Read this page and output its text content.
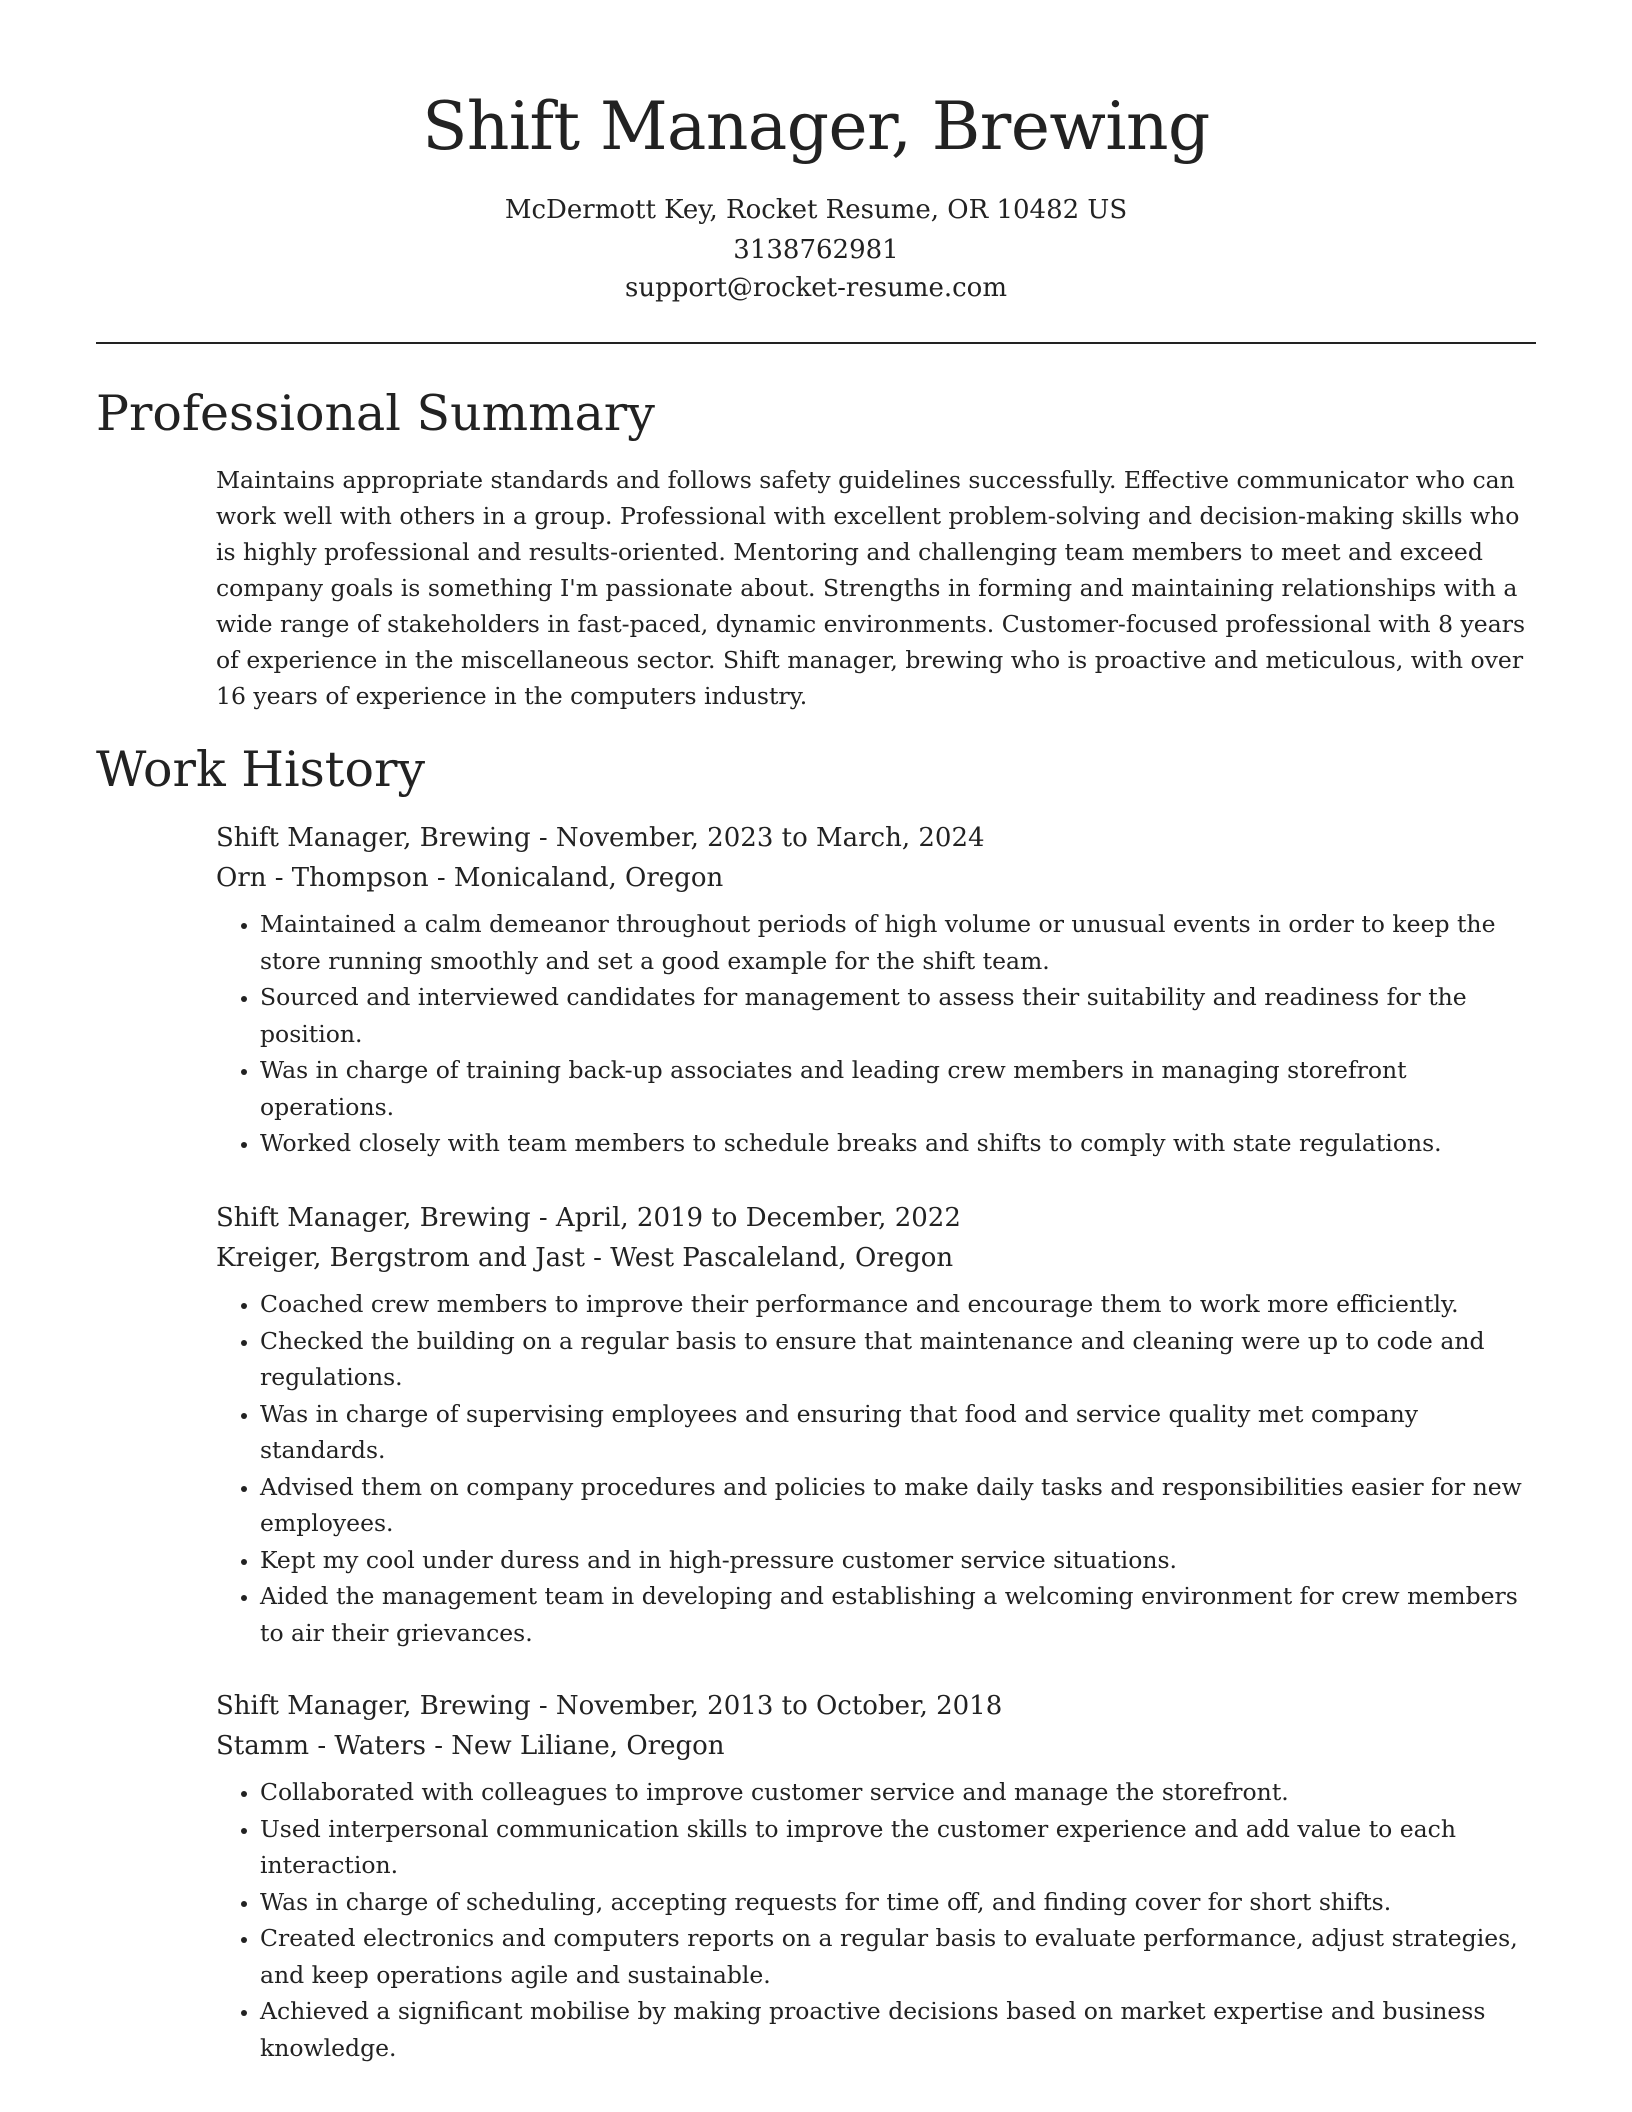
Shift Manager, Brewing
McDermott Key, Rocket Resume, OR 10482 US
3138762981
support@rocket-resume.com
Professional Summary

Maintains appropriate standards and follows safety guidelines successfully. Effective communicator who can work well with others in a group. Professional with excellent problem-solving and decision-making skills who is highly professional and results-oriented. Mentoring and challenging team members to meet and exceed company goals is something I'm passionate about. Strengths in forming and maintaining relationships with a wide range of stakeholders in fast-paced, dynamic environments. Customer-focused professional with 8 years of experience in the miscellaneous sector. Shift manager, brewing who is proactive and meticulous, with over 16 years of experience in the computers industry.

Work History
Shift Manager, Brewing - November, 2023 to March, 2024
Orn - Thompson - Monicaland, Oregon
• Maintained a calm demeanor throughout periods of high volume or unusual events in order to keep the store running smoothly and set a good example for the shift team.
• Sourced and interviewed candidates for management to assess their suitability and readiness for the position.
• Was in charge of training back-up associates and leading crew members in managing storefront operations.
• Worked closely with team members to schedule breaks and shifts to comply with state regulations.
Shift Manager, Brewing - April, 2019 to December, 2022
Kreiger, Bergstrom and Jast - West Pascaleland, Oregon
• Coached crew members to improve their performance and encourage them to work more efficiently.
• Checked the building on a regular basis to ensure that maintenance and cleaning were up to code and regulations.
• Was in charge of supervising employees and ensuring that food and service quality met company standards.
• Advised them on company procedures and policies to make daily tasks and responsibilities easier for new employees.
• Kept my cool under duress and in high-pressure customer service situations.
• Aided the management team in developing and establishing a welcoming environment for crew members to air their grievances.
Shift Manager, Brewing - November, 2013 to October, 2018
Stamm - Waters - New Liliane, Oregon
• Collaborated with colleagues to improve customer service and manage the storefront.
• Used interpersonal communication skills to improve the customer experience and add value to each interaction.
• Was in charge of scheduling, accepting requests for time off, and finding cover for short shifts.
• Created electronics and computers reports on a regular basis to evaluate performance, adjust strategies, and keep operations agile and sustainable.
• Achieved a significant mobilise by making proactive decisions based on market expertise and business knowledge.
